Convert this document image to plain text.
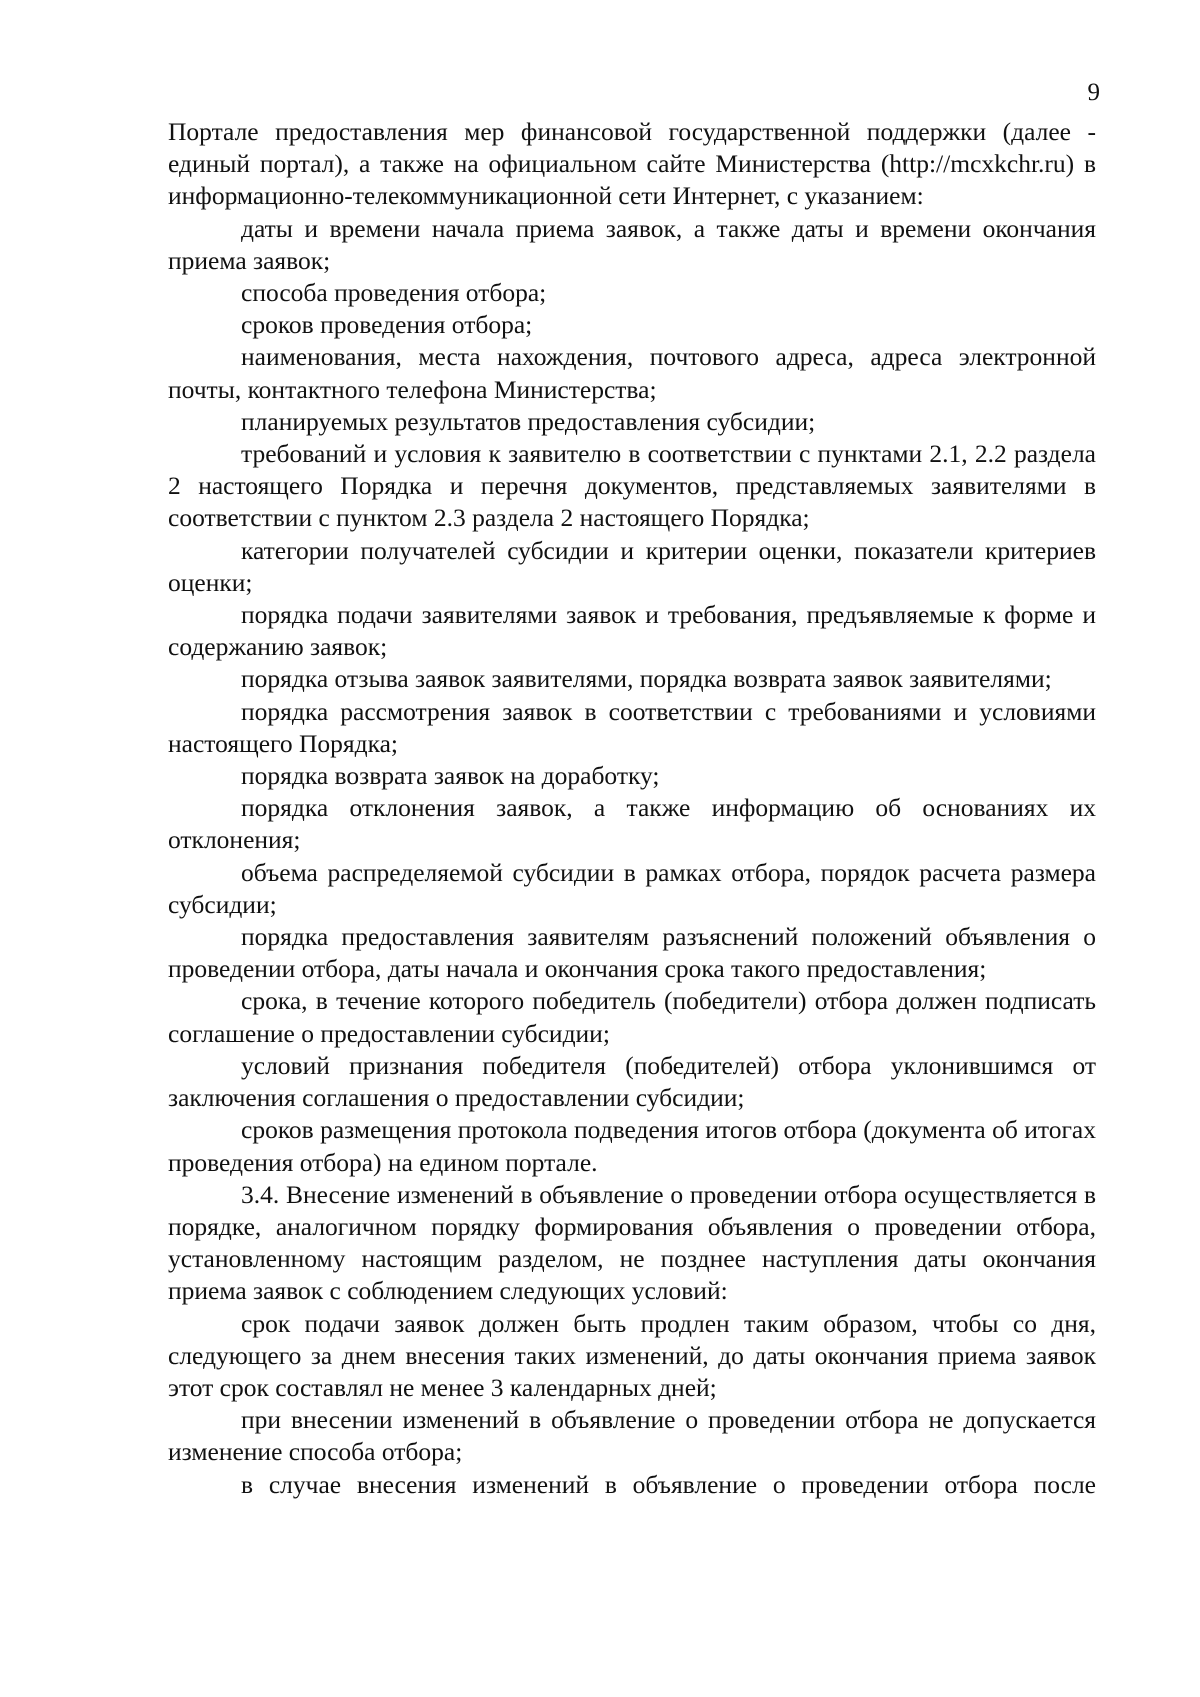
9

Портале предоставления мер финансовой государственной поддержки (далее - единый портал), а также на официальном сайте Министерства (http://mcxkchr.ru) в информационно-телекоммуникационной сети Интернет, с указанием:

даты и времени начала приема заявок, а также даты и времени окончания приема заявок;

способа проведения отбора;

сроков проведения отбора;

наименования, места нахождения, почтового адреса, адреса электронной почты, контактного телефона Министерства;

планируемых результатов предоставления субсидии;

требований и условия к заявителю в соответствии с пунктами 2.1, 2.2 раздела 2 настоящего Порядка и перечня документов, представляемых заявителями в соответствии с пунктом 2.3 раздела 2 настоящего Порядка;

категории получателей субсидии и критерии оценки, показатели критериев оценки;

порядка подачи заявителями заявок и требования, предъявляемые к форме и содержанию заявок;

порядка отзыва заявок заявителями, порядка возврата заявок заявителями;

порядка рассмотрения заявок в соответствии с требованиями и условиями настоящего Порядка;

порядка возврата заявок на доработку;

порядка отклонения заявок, а также информацию об основаниях их отклонения;

объема распределяемой субсидии в рамках отбора, порядок расчета размера субсидии;

порядка предоставления заявителям разъяснений положений объявления о проведении отбора, даты начала и окончания срока такого предоставления;

срока, в течение которого победитель (победители) отбора должен подписать соглашение о предоставлении субсидии;

условий признания победителя (победителей) отбора уклонившимся от заключения соглашения о предоставлении субсидии;

сроков размещения протокола подведения итогов отбора (документа об итогах проведения отбора) на едином портале.

3.4. Внесение изменений в объявление о проведении отбора осуществляется в порядке, аналогичном порядку формирования объявления о проведении отбора, установленному настоящим разделом, не позднее наступления даты окончания приема заявок с соблюдением следующих условий:

срок подачи заявок должен быть продлен таким образом, чтобы со дня, следующего за днем внесения таких изменений, до даты окончания приема заявок этот срок составлял не менее 3 календарных дней;

при внесении изменений в объявление о проведении отбора не допускается изменение способа отбора;

в случае внесения изменений в объявление о проведении отбора после
